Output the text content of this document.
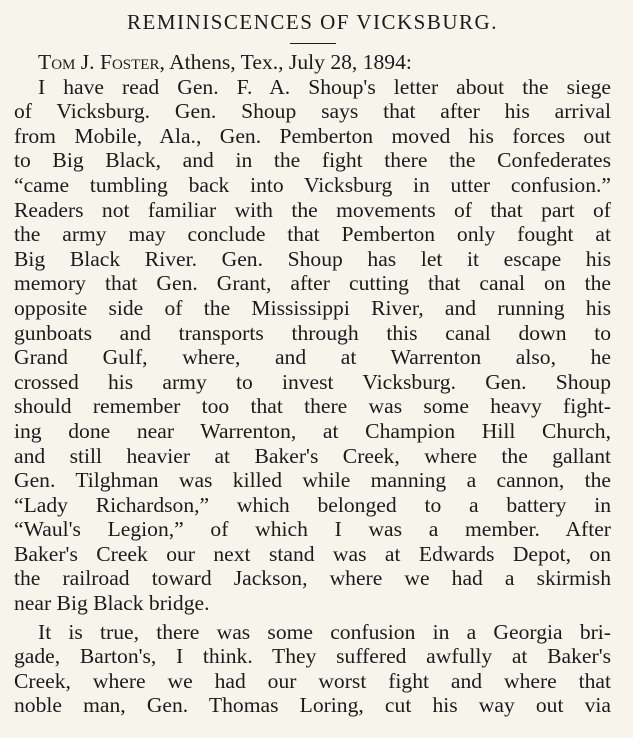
REMINISCENCES OF VICKSBURG.
Tom J. Foster, Athens, Tex., July 28, 1894:
I have read Gen. F. A. Shoup's letter about the siege
of Vicksburg. Gen. Shoup says that after his arrival
from Mobile, Ala., Gen. Pemberton moved his forces out
to Big Black, and in the fight there the Confederates
“came tumbling back into Vicksburg in utter confusion.”
Readers not familiar with the movements of that part of
the army may conclude that Pemberton only fought at
Big Black River. Gen. Shoup has let it escape his
memory that Gen. Grant, after cutting that canal on the
opposite side of the Mississippi River, and running his
gunboats and transports through this canal down to
Grand Gulf, where, and at Warrenton also, he
crossed his army to invest Vicksburg. Gen. Shoup
should remember too that there was some heavy fight-
ing done near Warrenton, at Champion Hill Church,
and still heavier at Baker's Creek, where the gallant
Gen. Tilghman was killed while manning a cannon, the
“Lady Richardson,” which belonged to a battery in
“Waul's Legion,” of which I was a member. After
Baker's Creek our next stand was at Edwards Depot, on
the railroad toward Jackson, where we had a skirmish
near Big Black bridge.
It is true, there was some confusion in a Georgia bri-
gade, Barton's, I think. They suffered awfully at Baker's
Creek, where we had our worst fight and where that
noble man, Gen. Thomas Loring, cut his way out via
